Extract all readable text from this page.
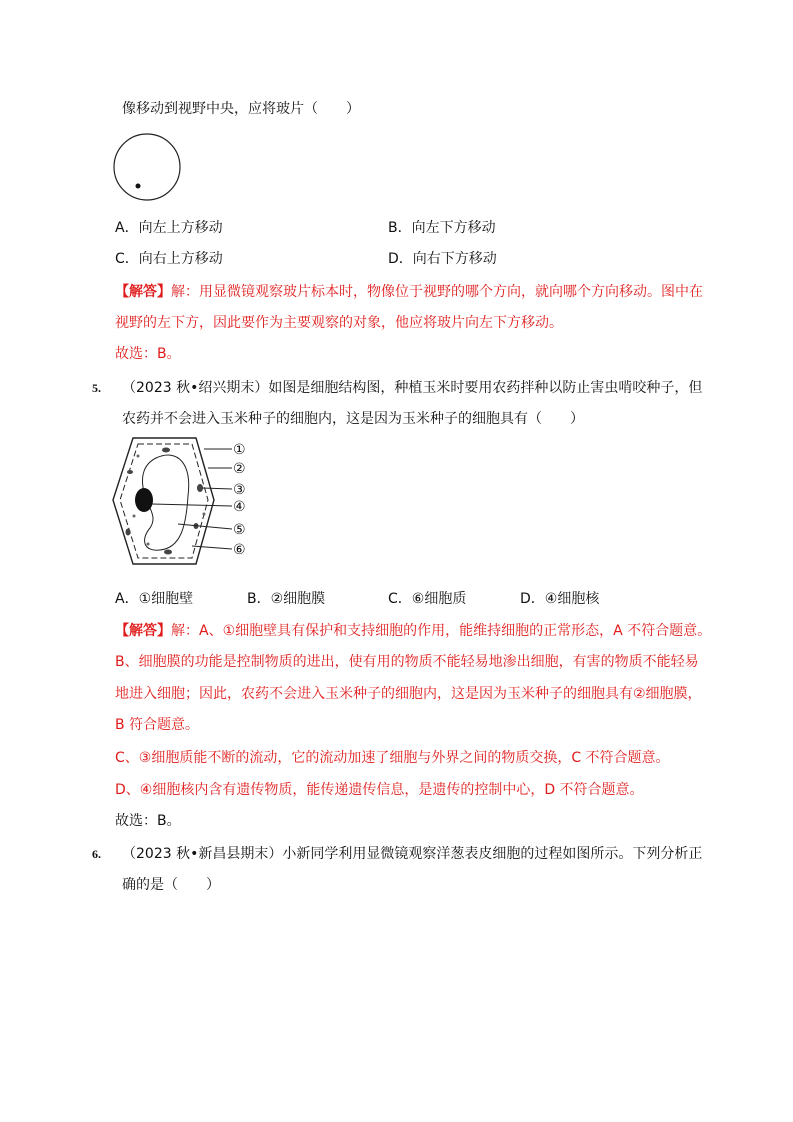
像移动到视野中央，应将玻片（　　）
A．向左上方移动	B．向左下方移动
C．向右上方移动	D．向右下方移动
【解答】解：用显微镜观察玻片标本时，物像位于视野的哪个方向，就向哪个方向移动。图中在
视野的左下方，因此要作为主要观察的对象，他应将玻片向左下方移动。
故选：B。
5. （2023 秋•绍兴期末）如图是细胞结构图，种植玉米时要用农药拌种以防止害虫啃咬种子，但
农药并不会进入玉米种子的细胞内，这是因为玉米种子的细胞具有（　　）
①
②
③
④
⑤
⑥
A．①细胞壁	B．②细胞膜	C．⑥细胞质	D．④细胞核
【解答】解：A、①细胞壁具有保护和支持细胞的作用，能维持细胞的正常形态，A 不符合题意。
B、细胞膜的功能是控制物质的进出，使有用的物质不能轻易地渗出细胞，有害的物质不能轻易
地进入细胞；因此，农药不会进入玉米种子的细胞内，这是因为玉米种子的细胞具有②细胞膜，
B 符合题意。
C、③细胞质能不断的流动，它的流动加速了细胞与外界之间的物质交换，C 不符合题意。
D、④细胞核内含有遗传物质，能传递遗传信息，是遗传的控制中心，D 不符合题意。
故选：B。
6. （2023 秋•新昌县期末）小新同学利用显微镜观察洋葱表皮细胞的过程如图所示。下列分析正
确的是（　　）
